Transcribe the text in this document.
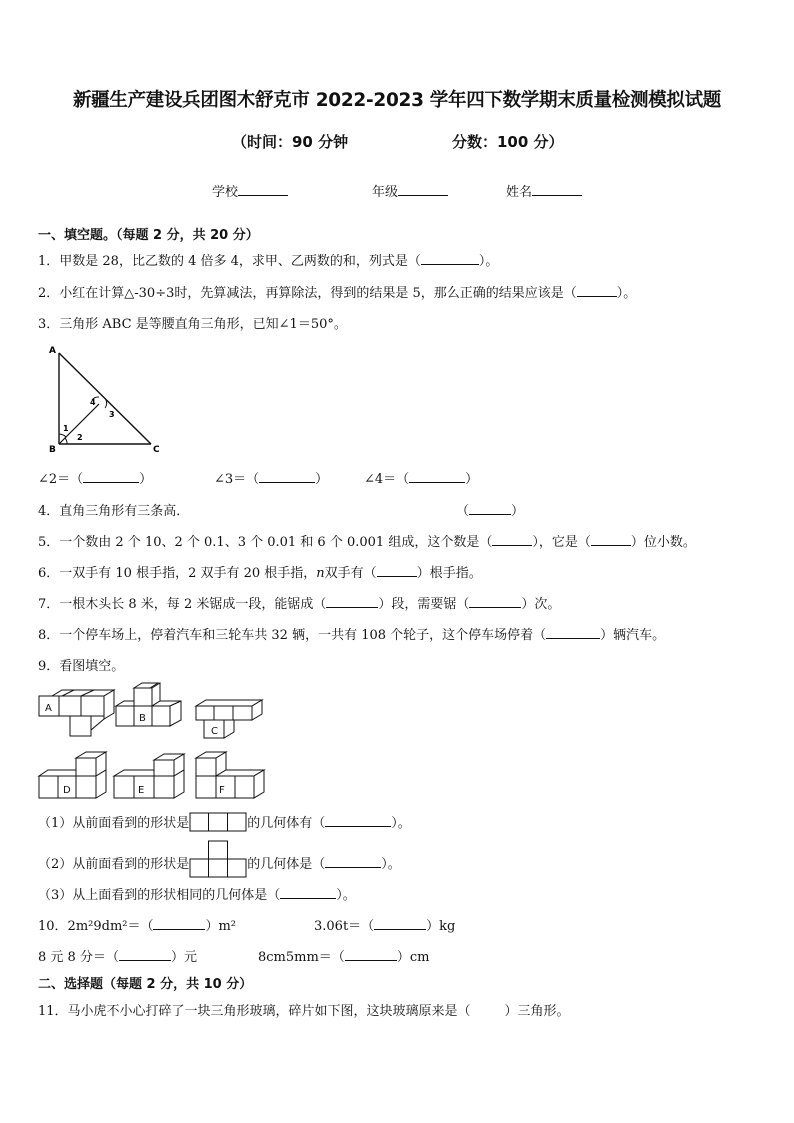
新疆生产建设兵团图木舒克市 2022-2023 学年四下数学期末质量检测模拟试题
（时间：90 分钟	分数：100 分）
学校	年级	姓名
一、填空题。（每题 2 分，共 20 分）
1．甲数是 28，比乙数的 4 倍多 4，求甲、乙两数的和，列式是（	）。
2．小红在计算△-30÷3时，先算减法，再算除法，得到的结果是 5，那么正确的结果应该是（	）。
3．三角形 ABC 是等腰直角三角形，已知∠1＝50°。
A
B	C
1
2
3
4
∠2＝（	）	∠3＝（	）	∠4＝（	）
4．直角三角形有三条高．	（	）
5．一个数由 2 个 10、2 个 0.1、3 个 0.01 和 6 个 0.001 组成，这个数是（	），它是（	）位小数。
6．一双手有 10 根手指，2 双手有 20 根手指，n双手有（	）根手指。
7．一根木头长 8 米，每 2 米锯成一段，能锯成（	）段，需要锯（	）次。
8．一个停车场上，停着汽车和三轮车共 32 辆，一共有 108 个轮子，这个停车场停着（	）辆汽车。
9．看图填空。
A
B
C
D	E	F
（1）从前面看到的形状是	的几何体有（	）。
（2）从前面看到的形状是	的几何体是（	）。
（3）从上面看到的形状相同的几何体是（	）。
10．2m²9dm²＝（	）m²	3.06t＝（	）kg
8 元 8 分＝（	）元	8cm5mm＝（	）cm
二、选择题（每题 2 分，共 10 分）
11．马小虎不小心打碎了一块三角形玻璃，碎片如下图，这块玻璃原来是（	）三角形。
